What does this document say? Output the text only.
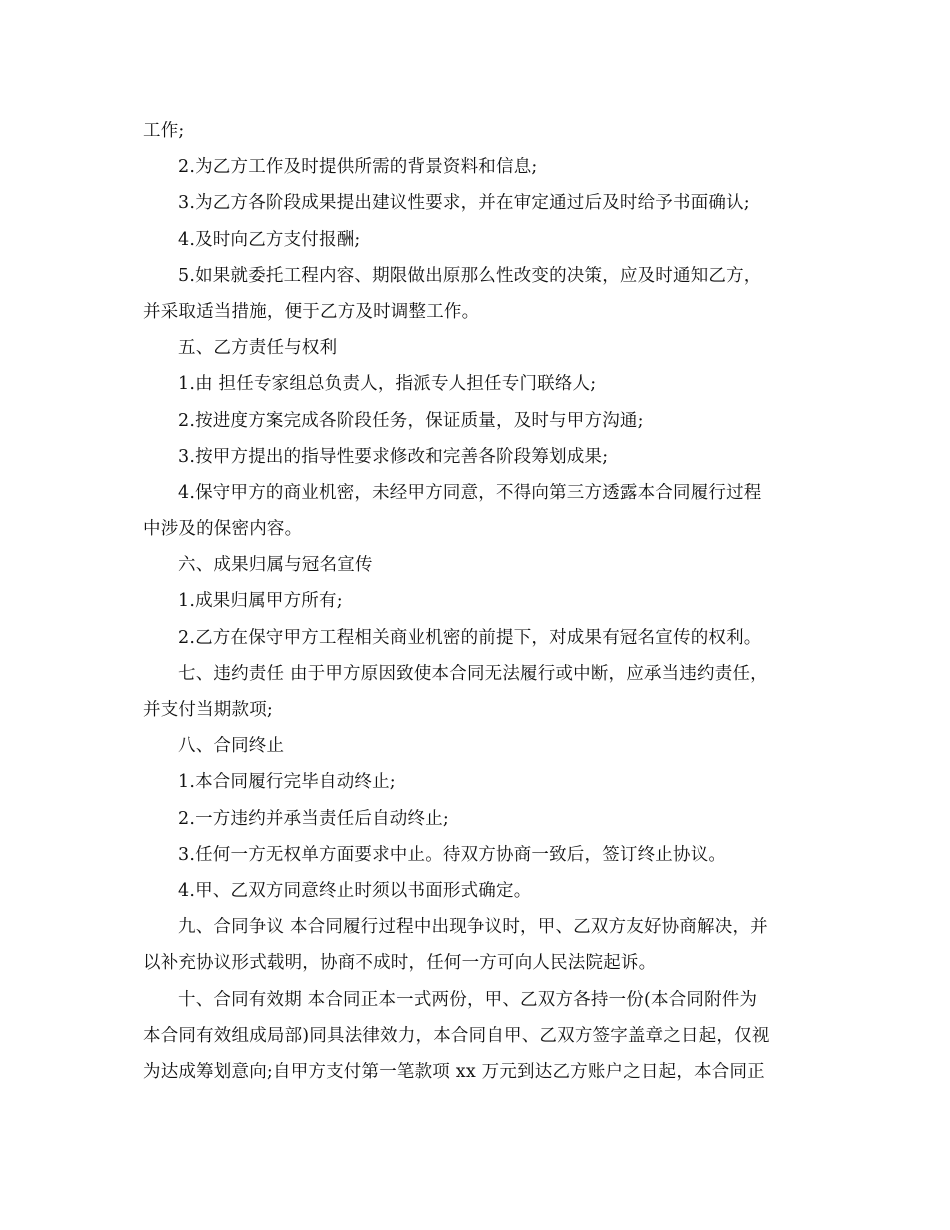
工作;
2.为乙方工作及时提供所需的背景资料和信息;
3.为乙方各阶段成果提出建议性要求，并在审定通过后及时给予书面确认;
4.及时向乙方支付报酬;
5.如果就委托工程内容、期限做出原那么性改变的决策，应及时通知乙方，
并采取适当措施，便于乙方及时调整工作。
五、乙方责任与权利
1.由 担任专家组总负责人，指派专人担任专门联络人;
2.按进度方案完成各阶段任务，保证质量，及时与甲方沟通;
3.按甲方提出的指导性要求修改和完善各阶段筹划成果;
4.保守甲方的商业机密，未经甲方同意，不得向第三方透露本合同履行过程
中涉及的保密内容。
六、成果归属与冠名宣传
1.成果归属甲方所有;
2.乙方在保守甲方工程相关商业机密的前提下，对成果有冠名宣传的权利。
七、违约责任 由于甲方原因致使本合同无法履行或中断，应承当违约责任，
并支付当期款项;
八、合同终止
1.本合同履行完毕自动终止;
2.一方违约并承当责任后自动终止;
3.任何一方无权单方面要求中止。待双方协商一致后，签订终止协议。
4.甲、乙双方同意终止时须以书面形式确定。
九、合同争议 本合同履行过程中出现争议时，甲、乙双方友好协商解决，并
以补充协议形式载明，协商不成时，任何一方可向人民法院起诉。
十、合同有效期 本合同正本一式两份，甲、乙双方各持一份(本合同附件为
本合同有效组成局部)同具法律效力，本合同自甲、乙双方签字盖章之日起，仅视
为达成筹划意向;自甲方支付第一笔款项 xx 万元到达乙方账户之日起，本合同正
